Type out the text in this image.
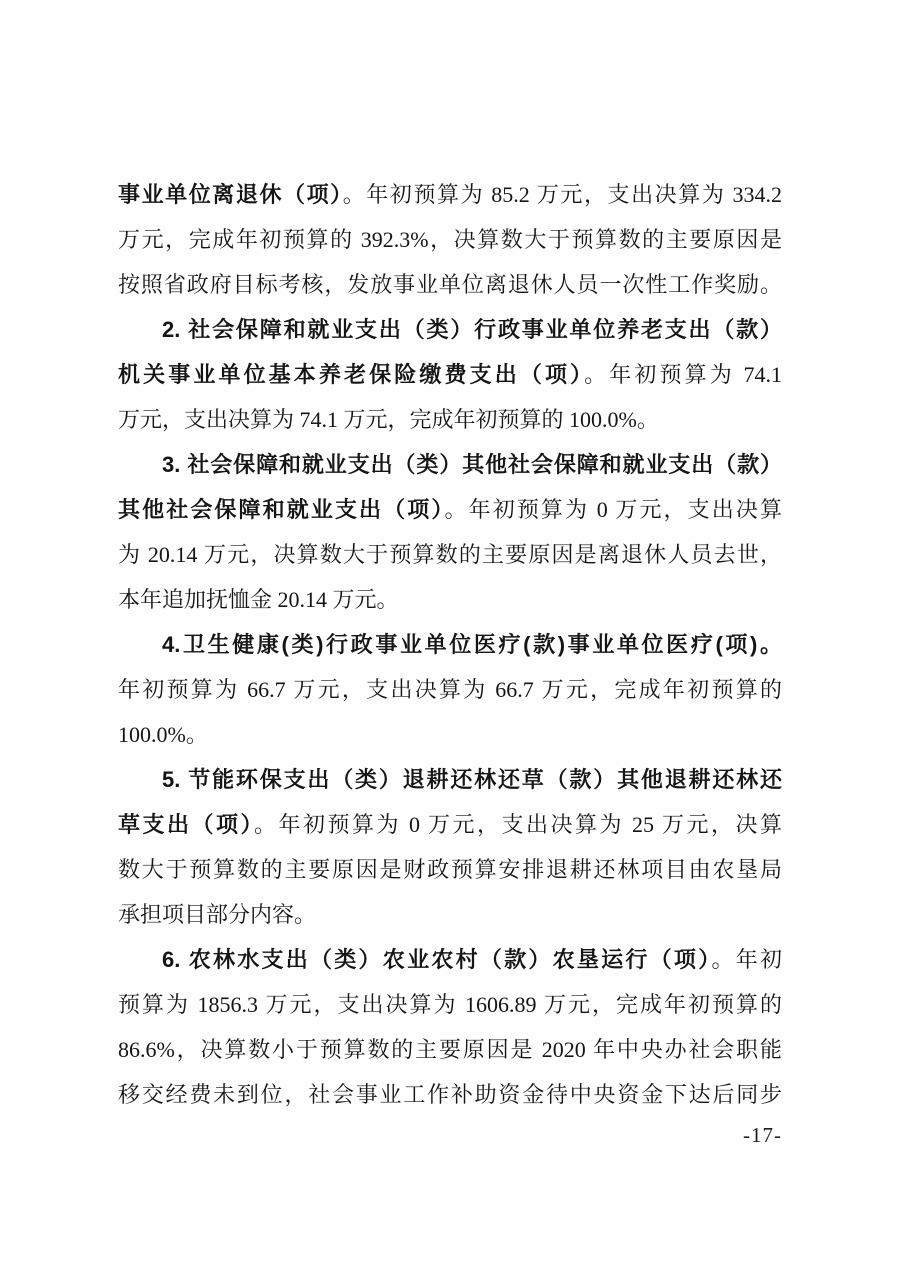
事业单位离退休（项）。年初预算为 85.2 万元，支出决算为 334.2
万元，完成年初预算的 392.3%，决算数大于预算数的主要原因是
按照省政府目标考核，发放事业单位离退休人员一次性工作奖励。
2. 社会保障和就业支出（类）行政事业单位养老支出（款）
机关事业单位基本养老保险缴费支出（项）。年初预算为 74.1
万元，支出决算为 74.1 万元，完成年初预算的 100.0%。
3. 社会保障和就业支出（类）其他社会保障和就业支出（款）
其他社会保障和就业支出（项）。年初预算为 0 万元，支出决算
为 20.14 万元，决算数大于预算数的主要原因是离退休人员去世，
本年追加抚恤金 20.14 万元。
4.卫生健康(类)行政事业单位医疗(款)事业单位医疗(项)。
年初预算为 66.7 万元，支出决算为 66.7 万元，完成年初预算的
100.0%。
5. 节能环保支出（类）退耕还林还草（款）其他退耕还林还
草支出（项）。年初预算为 0 万元，支出决算为 25 万元，决算
数大于预算数的主要原因是财政预算安排退耕还林项目由农垦局
承担项目部分内容。
6. 农林水支出（类）农业农村（款）农垦运行（项）。年初
预算为 1856.3 万元，支出决算为 1606.89 万元，完成年初预算的
86.6%，决算数小于预算数的主要原因是 2020 年中央办社会职能
移交经费未到位，社会事业工作补助资金待中央资金下达后同步
-17-
